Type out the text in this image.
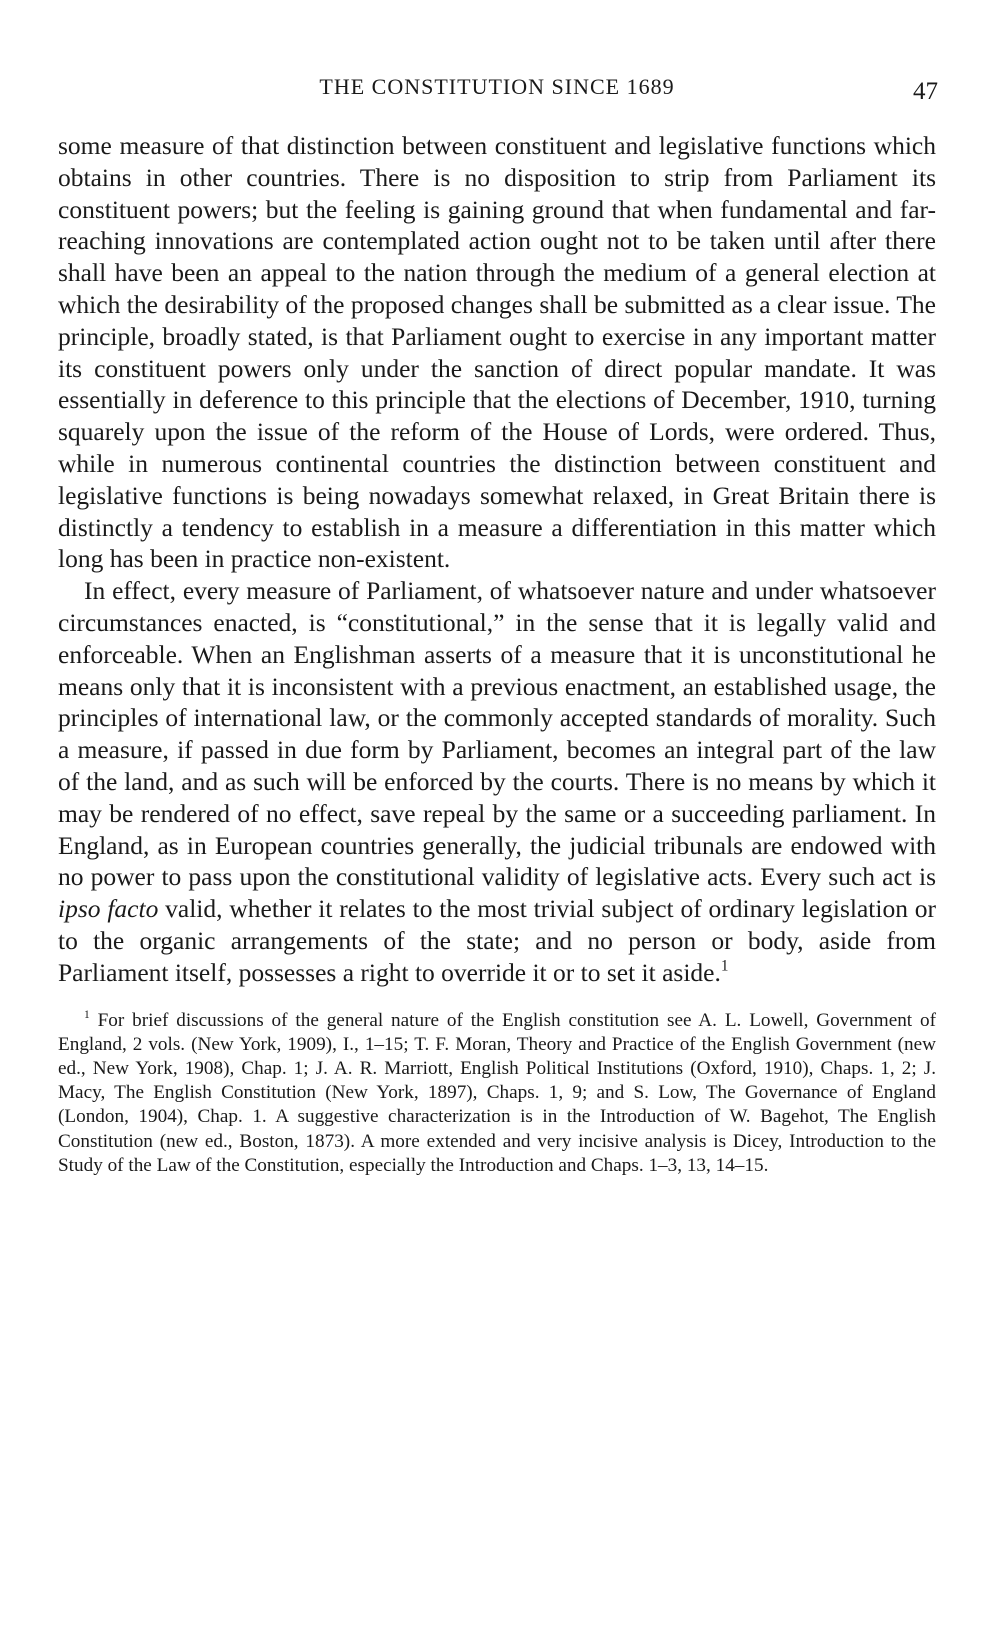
THE CONSTITUTION SINCE 1689	47

some measure of that distinction between constituent and legislative functions which obtains in other countries. There is no disposition to strip from Parliament its constituent powers; but the feeling is gaining ground that when fundamental and far-reaching innovations are contemplated action ought not to be taken until after there shall have been an appeal to the nation through the medium of a general election at which the desirability of the proposed changes shall be submitted as a clear issue. The principle, broadly stated, is that Parliament ought to exercise in any important matter its constituent powers only under the sanction of direct popular mandate. It was essentially in deference to this principle that the elections of December, 1910, turning squarely upon the issue of the reform of the House of Lords, were ordered. Thus, while in numerous continental countries the distinction between constituent and legislative functions is being nowadays somewhat relaxed, in Great Britain there is distinctly a tendency to establish in a measure a differentiation in this matter which long has been in practice non-existent.

In effect, every measure of Parliament, of whatsoever nature and under whatsoever circumstances enacted, is “constitutional,” in the sense that it is legally valid and enforceable. When an Englishman asserts of a measure that it is unconstitutional he means only that it is inconsistent with a previous enactment, an established usage, the principles of international law, or the commonly accepted standards of morality. Such a measure, if passed in due form by Parliament, becomes an integral part of the law of the land, and as such will be enforced by the courts. There is no means by which it may be rendered of no effect, save repeal by the same or a succeeding parliament. In England, as in European countries generally, the judicial tribunals are endowed with no power to pass upon the constitutional validity of legislative acts. Every such act is ipso facto valid, whether it relates to the most trivial subject of ordinary legislation or to the organic arrangements of the state; and no person or body, aside from Parliament itself, possesses a right to override it or to set it aside.$^1$

$^1$ For brief discussions of the general nature of the English constitution see A. L. Lowell, Government of England, 2 vols. (New York, 1909), I., 1–15; T. F. Moran, Theory and Practice of the English Government (new ed., New York, 1908), Chap. 1; J. A. R. Marriott, English Political Institutions (Oxford, 1910), Chaps. 1, 2; J. Macy, The English Constitution (New York, 1897), Chaps. 1, 9; and S. Low, The Governance of England (London, 1904), Chap. 1. A suggestive characterization is in the Introduction of W. Bagehot, The English Constitution (new ed., Boston, 1873). A more extended and very incisive analysis is Dicey, Introduction to the Study of the Law of the Constitution, especially the Introduction and Chaps. 1–3, 13, 14–15.
